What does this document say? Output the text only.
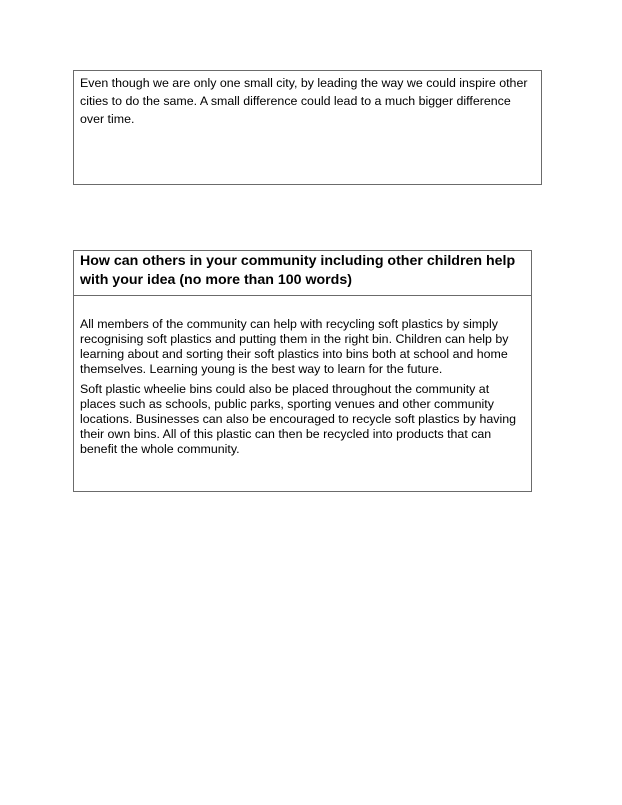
Even though we are only one small city, by leading the way we could inspire other cities to do the same. A small difference could lead to a much bigger difference over time.

How can others in your community including other children help with your idea (no more than 100 words)

All members of the community can help with recycling soft plastics by simply recognising soft plastics and putting them in the right bin. Children can help by learning about and sorting their soft plastics into bins both at school and home themselves. Learning young is the best way to learn for the future.

Soft plastic wheelie bins could also be placed throughout the community at places such as schools, public parks, sporting venues and other community locations. Businesses can also be encouraged to recycle soft plastics by having their own bins. All of this plastic can then be recycled into products that can benefit the whole community.
